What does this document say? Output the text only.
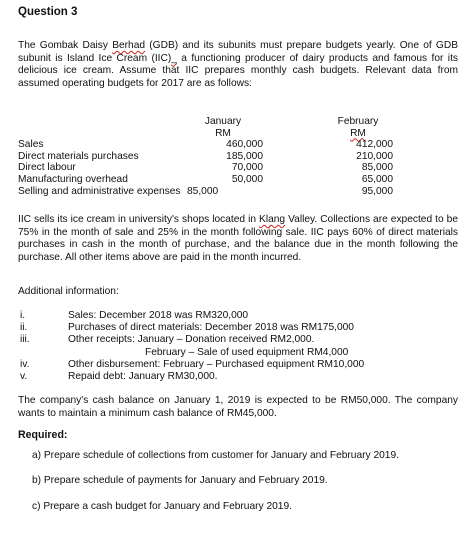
Question 3
The Gombak Daisy Berhad (GDB) and its subunits must prepare budgets yearly. One of GDB subunit is Island Ice Cream (IIC)_ a functioning producer of dairy products and famous for its delicious ice cream. Assume that IIC prepares monthly cash budgets. Relevant data from assumed operating budgets for 2017 are as follows:
	January		February
	RM		RM
Sales	460,000		412,000
Direct materials purchases	185,000		210,000
Direct labour	70,000		85,000
Manufacturing overhead	50,000		65,000
Selling and administrative expenses	85,000		95,000
IIC sells its ice cream in university's shops located in Klang Valley. Collections are expected to be 75% in the month of sale and 25% in the month following sale. IIC pays 60% of direct materials purchases in cash in the month of purchase, and the balance due in the month following the purchase. All other items above are paid in the month incurred.
Additional information:
i.	Sales: December 2018 was RM320,000
ii.	Purchases of direct materials: December 2018 was RM175,000
iii.	Other receipts: January – Donation received RM2,000.
February – Sale of used equipment RM4,000
iv.	Other disbursement: February – Purchased equipment RM10,000
v.	Repaid debt: January RM30,000.
The company's cash balance on January 1, 2019 is expected to be RM50,000. The company wants to maintain a minimum cash balance of RM45,000.
Required:
a) Prepare schedule of collections from customer for January and February 2019.
b) Prepare schedule of payments for January and February 2019.
c) Prepare a cash budget for January and February 2019.
